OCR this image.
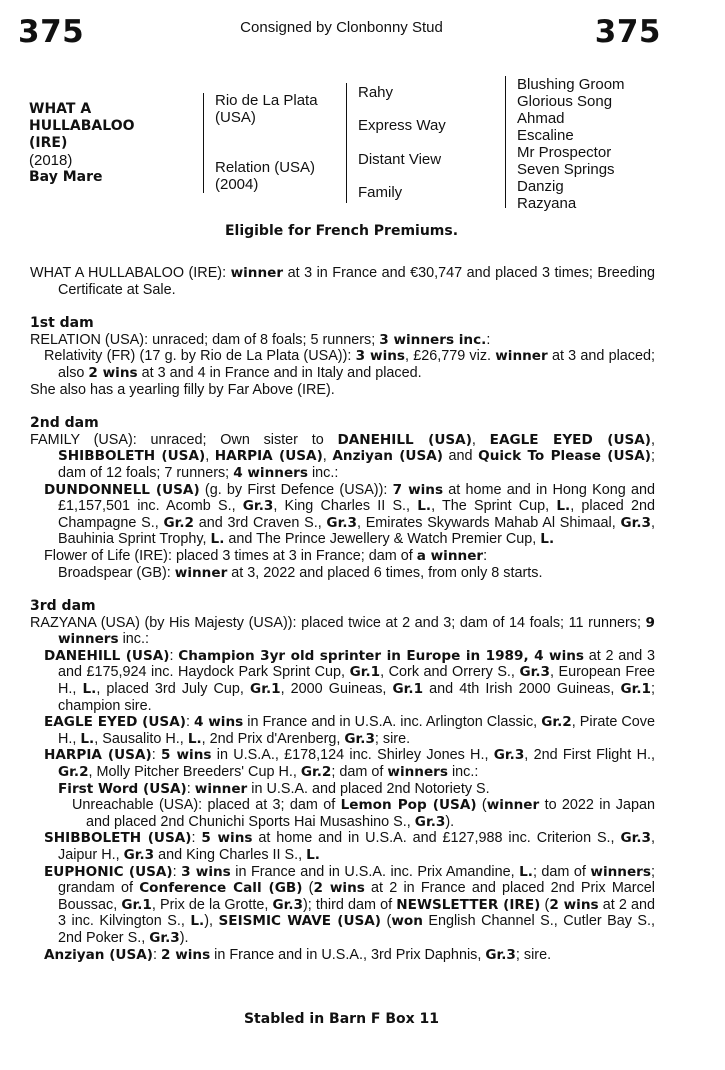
375	Consigned by Clonbonny Stud	375
WHAT A
HULLABALOO
(IRE)
(2018)
Bay Mare
Rio de La Plata
(USA)
Relation (USA)
(2004)
Rahy
Express Way
Distant View
Family
Blushing Groom
Glorious Song
Ahmad
Escaline
Mr Prospector
Seven Springs
Danzig
Razyana
Eligible for French Premiums.

WHAT A HULLABALOO (IRE): winner at 3 in France and €30,747 and placed 3 times; Breeding Certificate at Sale.

1st dam

RELATION (USA): unraced; dam of 8 foals; 5 runners; 3 winners inc.:

Relativity (FR) (17 g. by Rio de La Plata (USA)): 3 wins, £26,779 viz. winner at 3 and placed; also 2 wins at 3 and 4 in France and in Italy and placed.

She also has a yearling filly by Far Above (IRE).

2nd dam

FAMILY (USA): unraced; Own sister to DANEHILL (USA), EAGLE EYED (USA), SHIBBOLETH (USA), HARPIA (USA), Anziyan (USA) and Quick To Please (USA); dam of 12 foals; 7 runners; 4 winners inc.:

DUNDONNELL (USA) (g. by First Defence (USA)): 7 wins at home and in Hong Kong and £1,157,501 inc. Acomb S., Gr.3, King Charles II S., L., The Sprint Cup, L., placed 2nd Champagne S., Gr.2 and 3rd Craven S., Gr.3, Emirates Skywards Mahab Al Shimaal, Gr.3, Bauhinia Sprint Trophy, L. and The Prince Jewellery & Watch Premier Cup, L.

Flower of Life (IRE): placed 3 times at 3 in France; dam of a winner:

Broadspear (GB): winner at 3, 2022 and placed 6 times, from only 8 starts.

3rd dam

RAZYANA (USA) (by His Majesty (USA)): placed twice at 2 and 3; dam of 14 foals; 11 runners; 9 winners inc.:

DANEHILL (USA): Champion 3yr old sprinter in Europe in 1989, 4 wins at 2 and 3 and £175,924 inc. Haydock Park Sprint Cup, Gr.1, Cork and Orrery S., Gr.3, European Free H., L., placed 3rd July Cup, Gr.1, 2000 Guineas, Gr.1 and 4th Irish 2000 Guineas, Gr.1; champion sire.

EAGLE EYED (USA): 4 wins in France and in U.S.A. inc. Arlington Classic, Gr.2, Pirate Cove H., L., Sausalito H., L., 2nd Prix d'Arenberg, Gr.3; sire.

HARPIA (USA): 5 wins in U.S.A., £178,124 inc. Shirley Jones H., Gr.3, 2nd First Flight H., Gr.2, Molly Pitcher Breeders' Cup H., Gr.2; dam of winners inc.:

First Word (USA): winner in U.S.A. and placed 2nd Notoriety S.

Unreachable (USA): placed at 3; dam of Lemon Pop (USA) (winner to 2022 in Japan and placed 2nd Chunichi Sports Hai Musashino S., Gr.3).

SHIBBOLETH (USA): 5 wins at home and in U.S.A. and £127,988 inc. Criterion S., Gr.3, Jaipur H., Gr.3 and King Charles II S., L.

EUPHONIC (USA): 3 wins in France and in U.S.A. inc. Prix Amandine, L.; dam of winners; grandam of Conference Call (GB) (2 wins at 2 in France and placed 2nd Prix Marcel Boussac, Gr.1, Prix de la Grotte, Gr.3); third dam of NEWSLETTER (IRE) (2 wins at 2 and 3 inc. Kilvington S., L.), SEISMIC WAVE (USA) (won English Channel S., Cutler Bay S., 2nd Poker S., Gr.3).

Anziyan (USA): 2 wins in France and in U.S.A., 3rd Prix Daphnis, Gr.3; sire.

Stabled in Barn F Box 11
